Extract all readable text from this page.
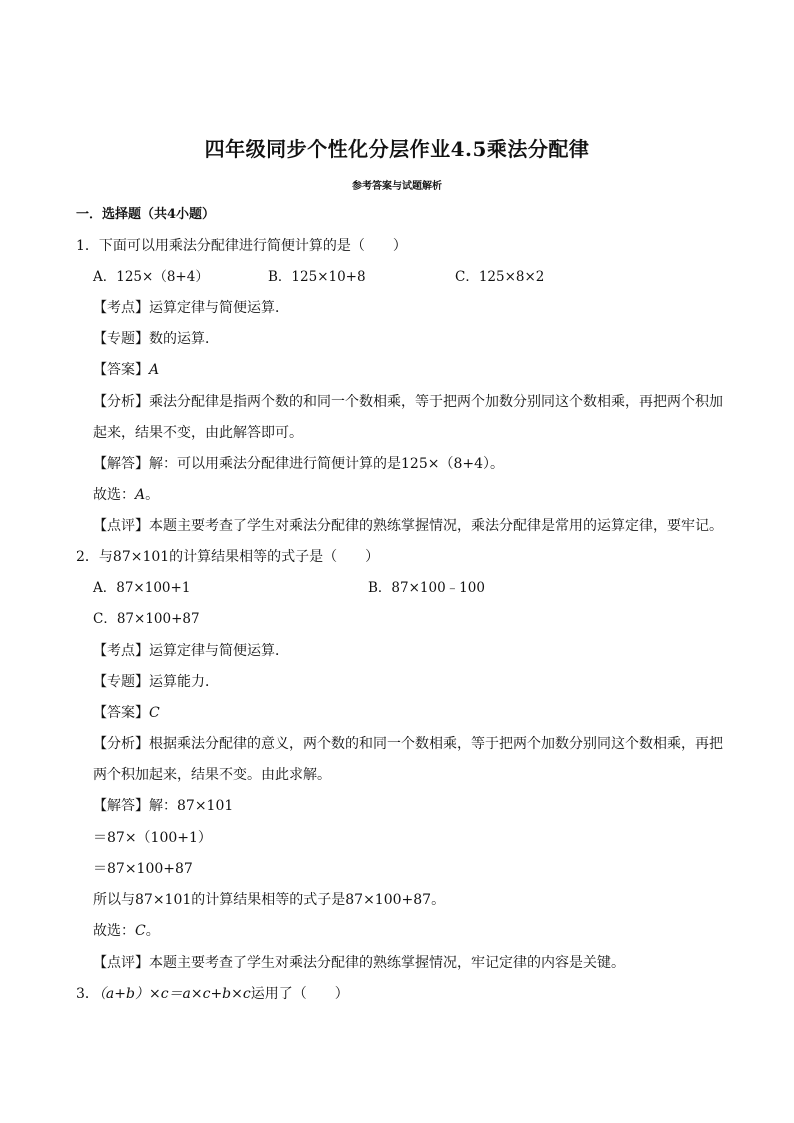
四年级同步个性化分层作业4.5乘法分配律
参考答案与试题解析
一．选择题（共4小题）
1．下面可以用乘法分配律进行简便计算的是（　　）
A．125×（8+4）	B．125×10+8	C．125×8×2
【考点】运算定律与简便运算．
【专题】数的运算．
【答案】A
【分析】乘法分配律是指两个数的和同一个数相乘，等于把两个加数分别同这个数相乘，再把两个积加
起来，结果不变，由此解答即可。
【解答】解：可以用乘法分配律进行简便计算的是125×（8+4）。
故选：A。
【点评】本题主要考查了学生对乘法分配律的熟练掌握情况，乘法分配律是常用的运算定律，要牢记。
2．与87×101的计算结果相等的式子是（　　）
A．87×100+1	B．87×100﹣100
C．87×100+87
【考点】运算定律与简便运算．
【专题】运算能力．
【答案】C
【分析】根据乘法分配律的意义，两个数的和同一个数相乘，等于把两个加数分别同这个数相乘，再把
两个积加起来，结果不变。由此求解。
【解答】解：87×101
＝87×（100+1）
＝87×100+87
所以与87×101的计算结果相等的式子是87×100+87。
故选：C。
【点评】本题主要考查了学生对乘法分配律的熟练掌握情况，牢记定律的内容是关键。
3．（a+b）×c＝a×c+b×c运用了（　　）
